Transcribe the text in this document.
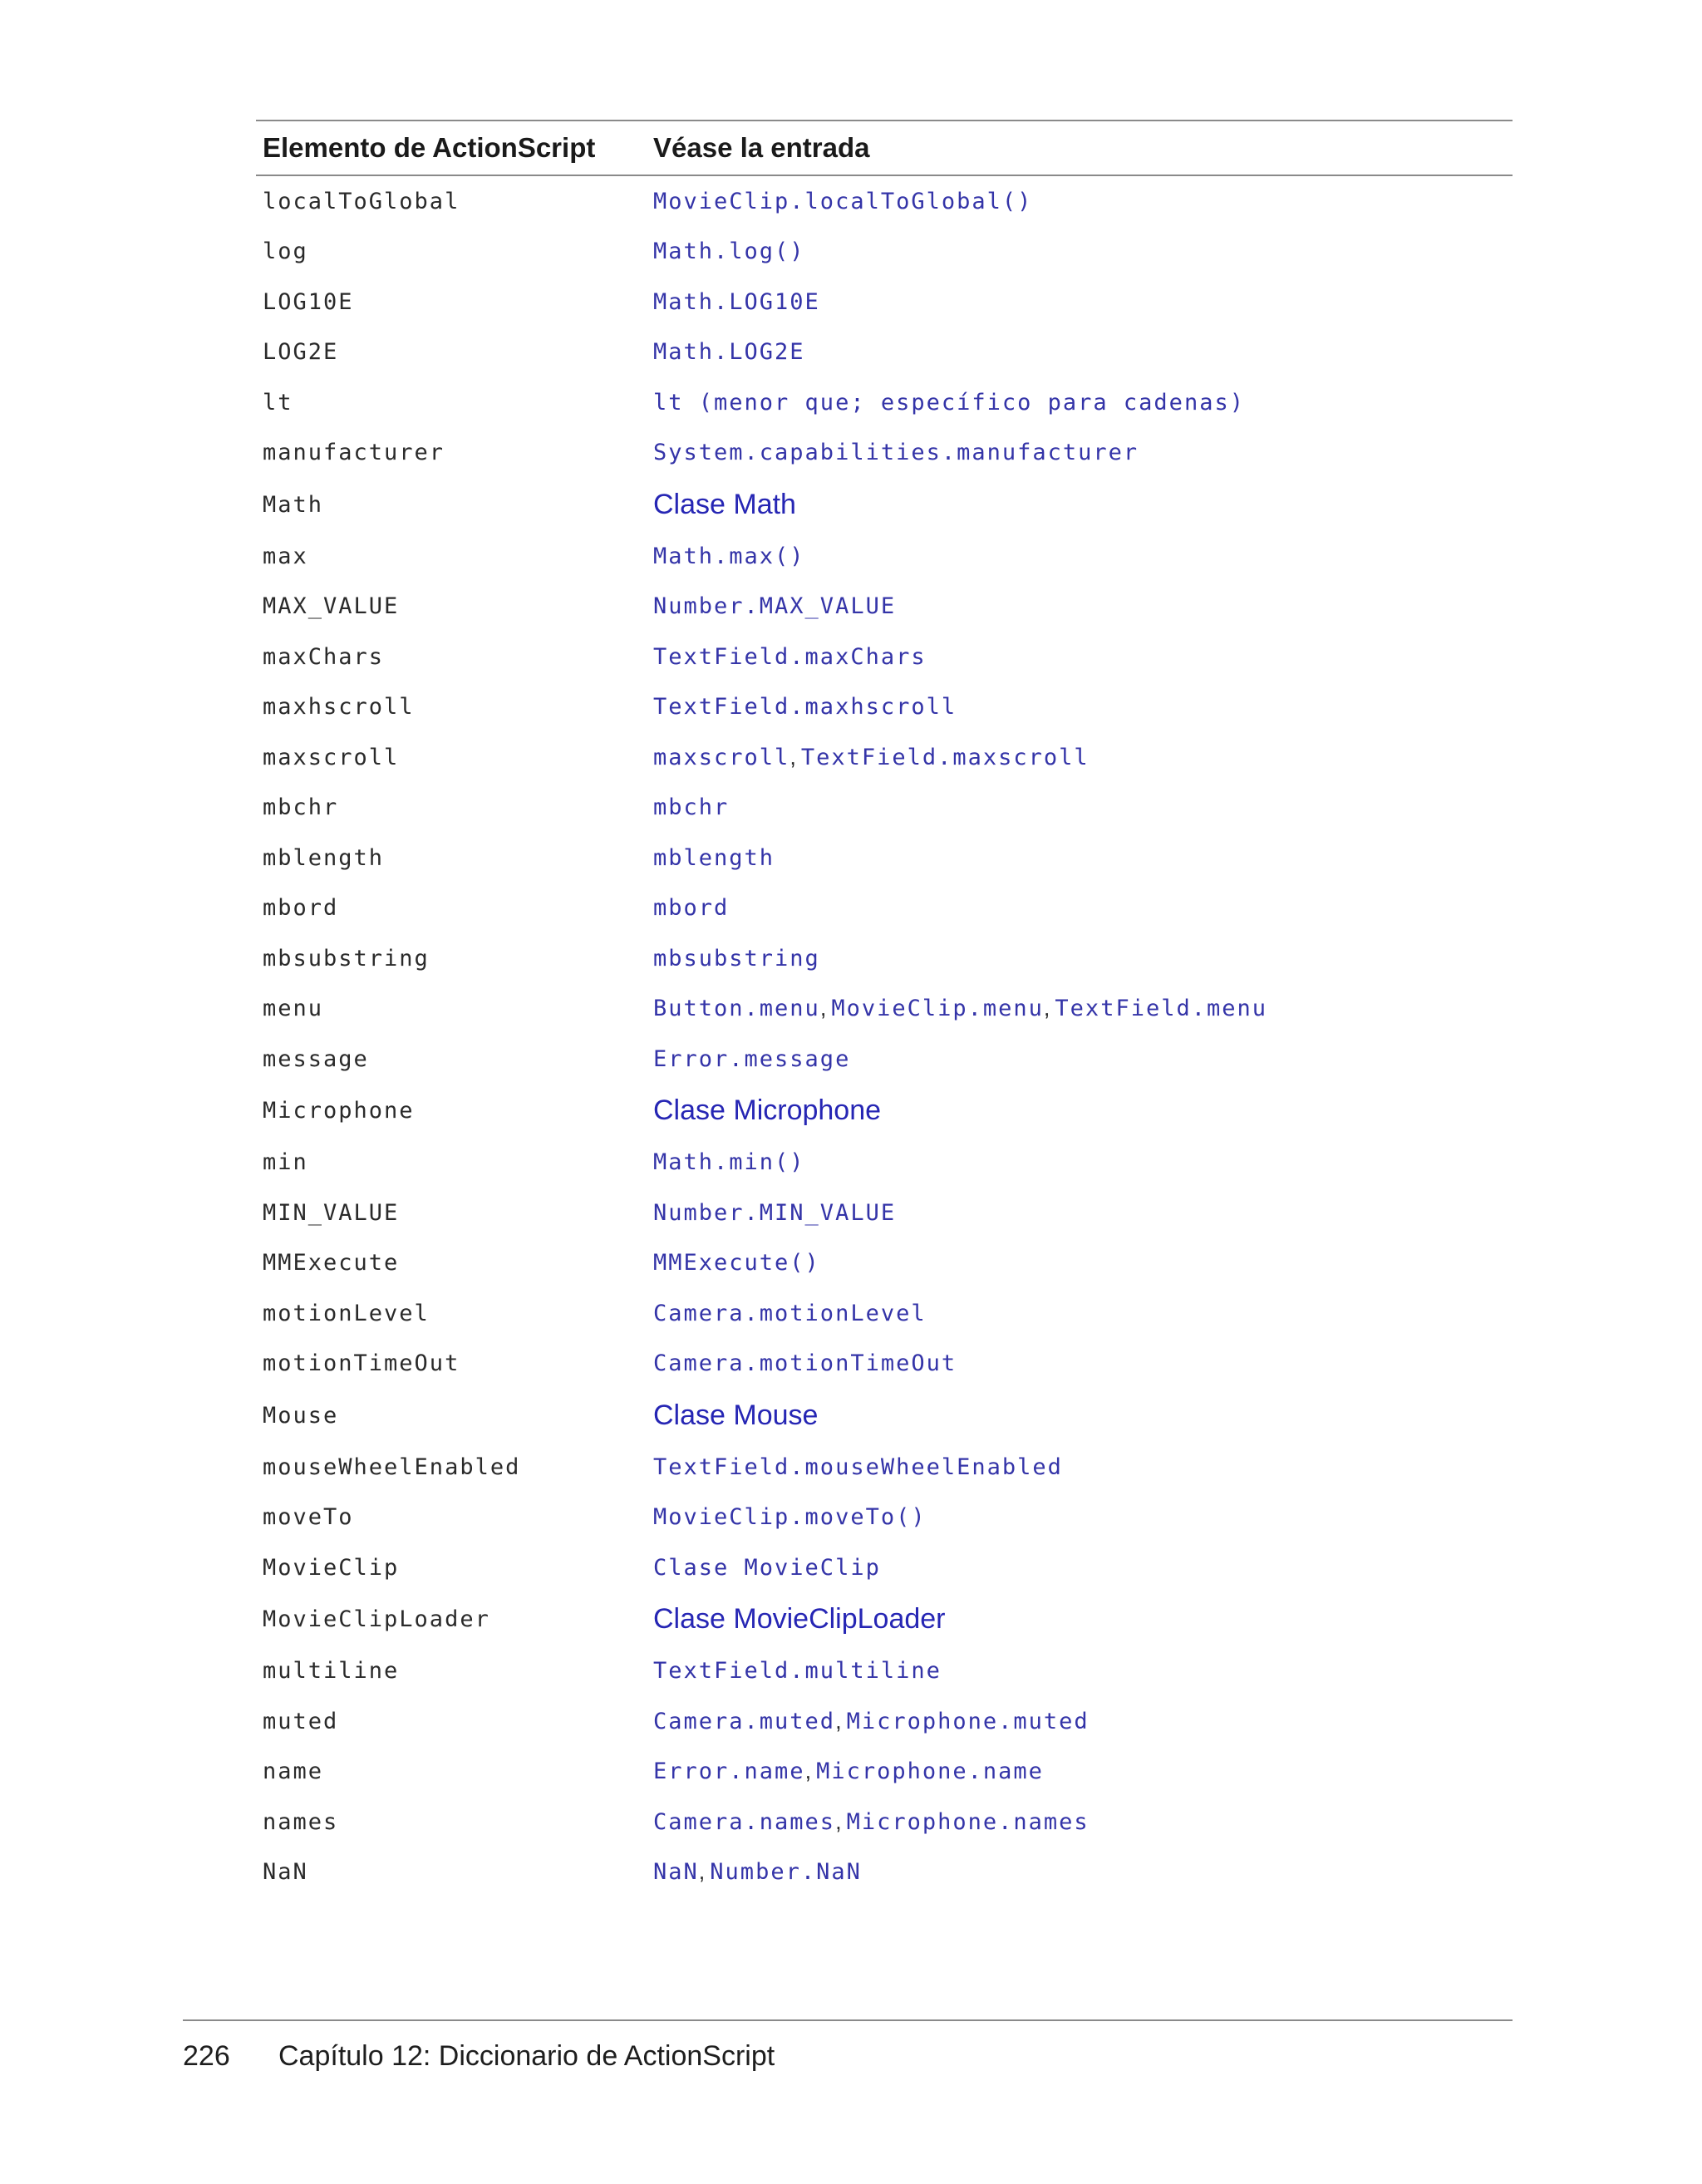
Elemento de ActionScript	Véase la entrada
localToGlobal	MovieClip.localToGlobal()
log	Math.log()
LOG10E	Math.LOG10E
LOG2E	Math.LOG2E
lt	lt (menor que; específico para cadenas)
manufacturer	System.capabilities.manufacturer
Math	Clase Math
max	Math.max()
MAX_VALUE	Number.MAX_VALUE
maxChars	TextField.maxChars
maxhscroll	TextField.maxhscroll
maxscroll	maxscroll, TextField.maxscroll
mbchr	mbchr
mblength	mblength
mbord	mbord
mbsubstring	mbsubstring
menu	Button.menu, MovieClip.menu, TextField.menu
message	Error.message
Microphone	Clase Microphone
min	Math.min()
MIN_VALUE	Number.MIN_VALUE
MMExecute	MMExecute()
motionLevel	Camera.motionLevel
motionTimeOut	Camera.motionTimeOut
Mouse	Clase Mouse
mouseWheelEnabled	TextField.mouseWheelEnabled
moveTo	MovieClip.moveTo()
MovieClip	Clase MovieClip
MovieClipLoader	Clase MovieClipLoader
multiline	TextField.multiline
muted	Camera.muted, Microphone.muted
name	Error.name, Microphone.name
names	Camera.names, Microphone.names
NaN	NaN, Number.NaN
226	Capítulo 12: Diccionario de ActionScript
